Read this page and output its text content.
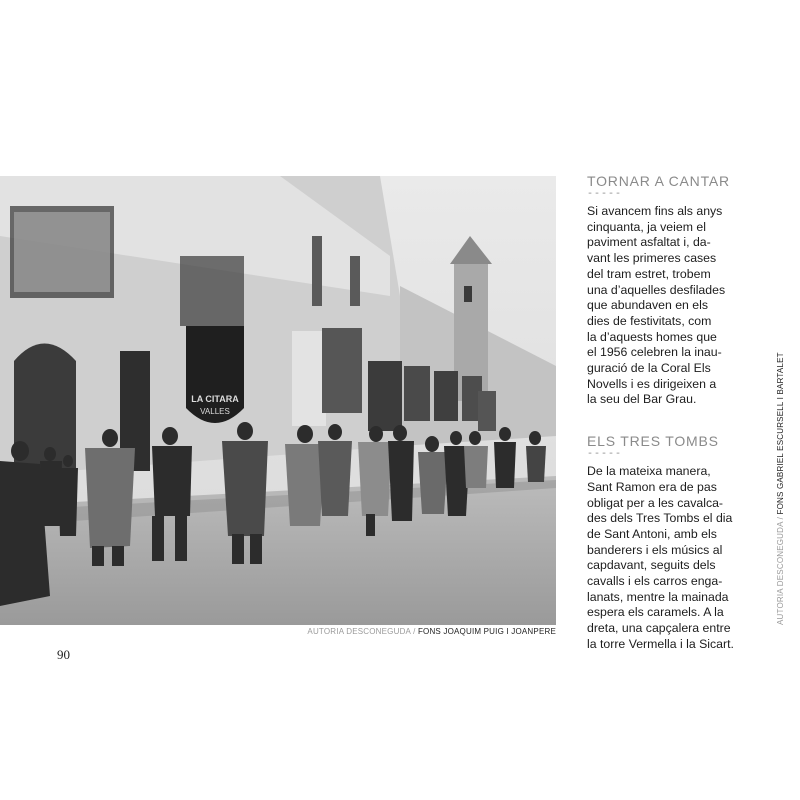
LA CITARA
VALLES
AUTORIA DESCONEGUDA / FONS JOAQUIM PUIG I JOANPERE
90
TORNAR A CANTAR
-----

Si avancem fins als anys
cinquanta, ja veiem el
paviment asfaltat i, da-
vant les primeres cases
del tram estret, trobem
una d’aquelles desfilades
que abundaven en els
dies de festivitats, com
la d’aquests homes que
el 1956 celebren la inau-
guració de la Coral Els
Novells i es dirigeixen a
la seu del Bar Grau.

ELS TRES TOMBS
-----

De la mateixa manera,
Sant Ramon era de pas
obligat per a les cavalca-
des dels Tres Tombs el dia
de Sant Antoni, amb els
banderers i els músics al
capdavant, seguits dels
cavalls i els carros enga-
lanats, mentre la mainada
espera els caramels. A la
dreta, una capçalera entre
la torre Vermella i la Sicart.

AUTORIA DESCONEGUDA / FONS GABRIEL ESCURSELL I BARTALET
